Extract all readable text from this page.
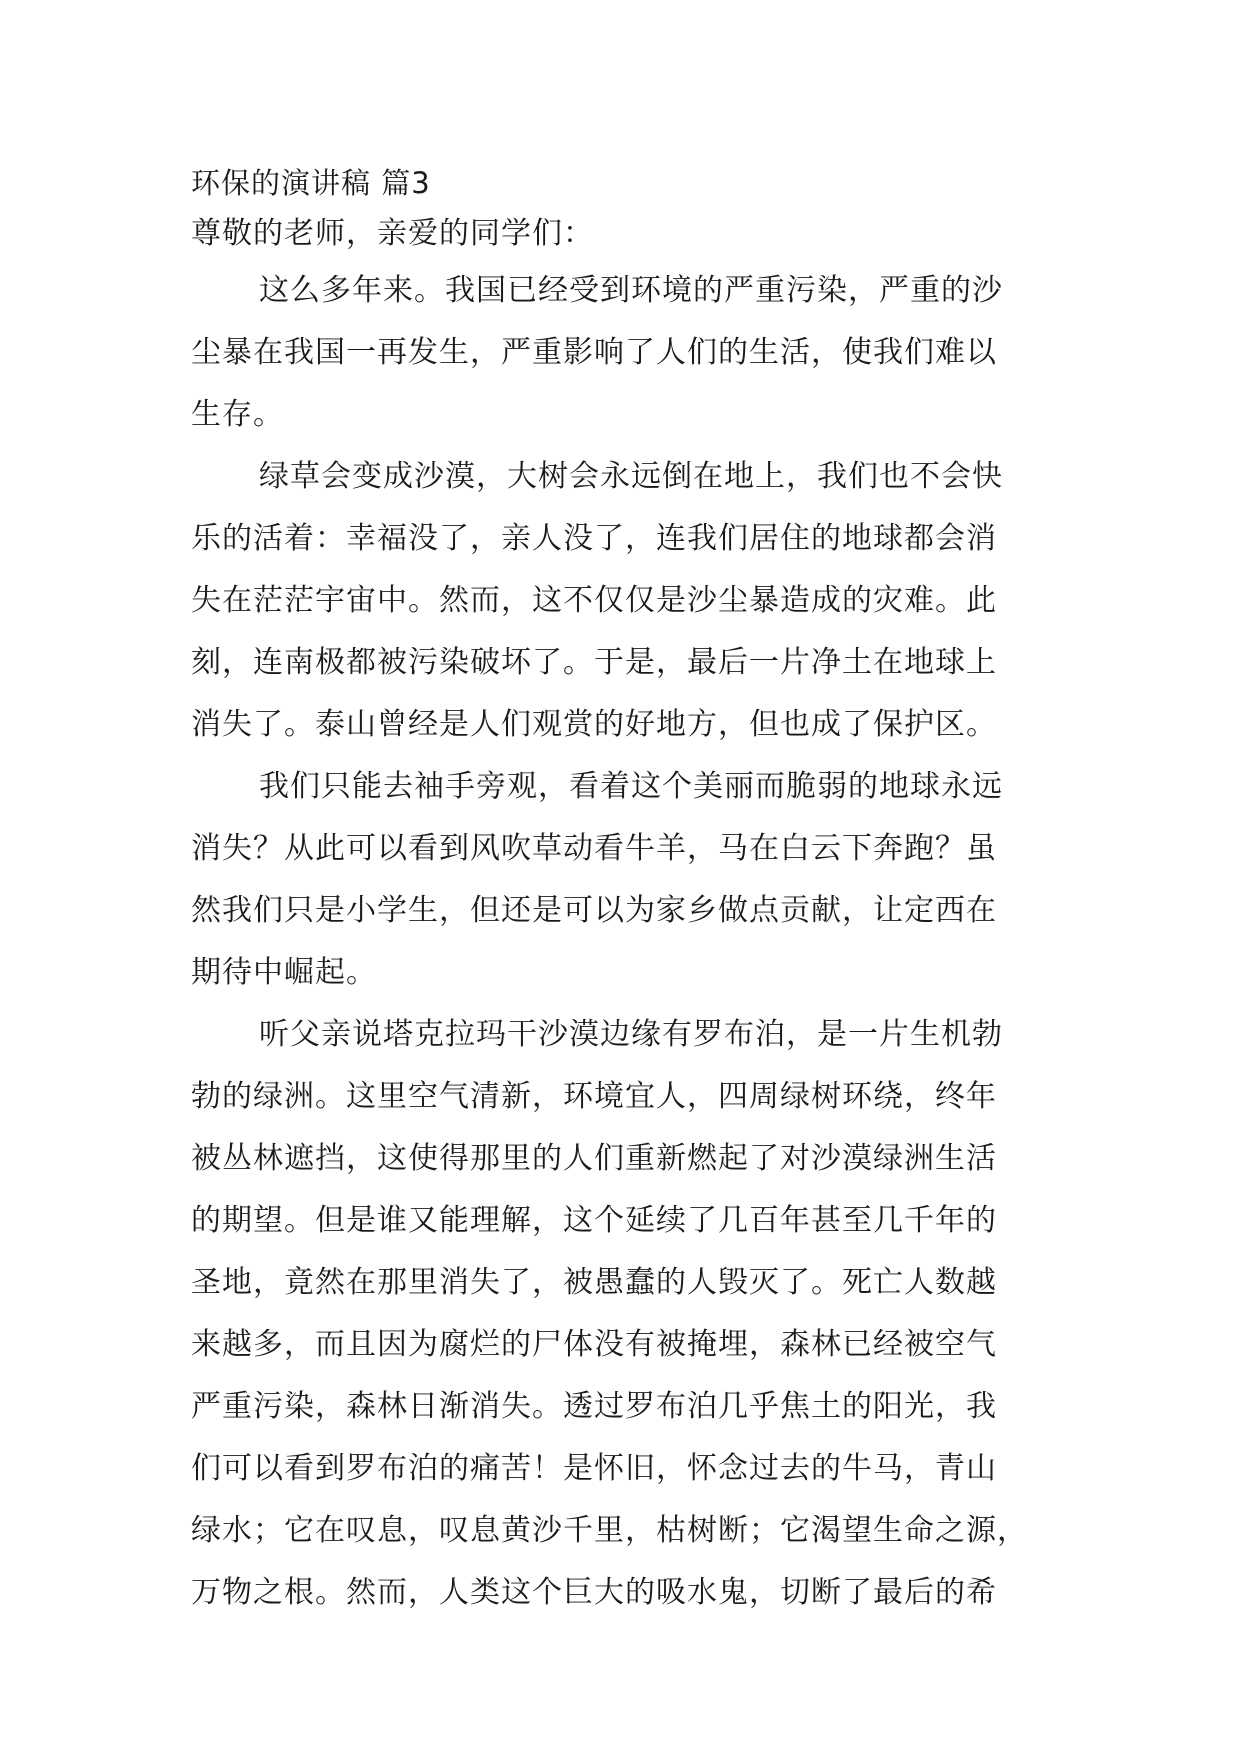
环保的演讲稿 篇3
尊敬的老师，亲爱的同学们：
这么多年来。我国已经受到环境的严重污染，严重的沙
尘暴在我国一再发生，严重影响了人们的生活，使我们难以
生存。
绿草会变成沙漠，大树会永远倒在地上，我们也不会快
乐的活着：幸福没了，亲人没了，连我们居住的地球都会消
失在茫茫宇宙中。然而，这不仅仅是沙尘暴造成的灾难。此
刻，连南极都被污染破坏了。于是，最后一片净土在地球上
消失了。泰山曾经是人们观赏的好地方，但也成了保护区。
我们只能去袖手旁观，看着这个美丽而脆弱的地球永远
消失？从此可以看到风吹草动看牛羊，马在白云下奔跑？虽
然我们只是小学生，但还是可以为家乡做点贡献，让定西在
期待中崛起。
听父亲说塔克拉玛干沙漠边缘有罗布泊，是一片生机勃
勃的绿洲。这里空气清新，环境宜人，四周绿树环绕，终年
被丛林遮挡，这使得那里的人们重新燃起了对沙漠绿洲生活
的期望。但是谁又能理解，这个延续了几百年甚至几千年的
圣地，竟然在那里消失了，被愚蠢的人毁灭了。死亡人数越
来越多，而且因为腐烂的尸体没有被掩埋，森林已经被空气
严重污染，森林日渐消失。透过罗布泊几乎焦土的阳光，我
们可以看到罗布泊的痛苦！是怀旧，怀念过去的牛马，青山
绿水；它在叹息，叹息黄沙千里，枯树断；它渴望生命之源，
万物之根。然而，人类这个巨大的吸水鬼，切断了最后的希
